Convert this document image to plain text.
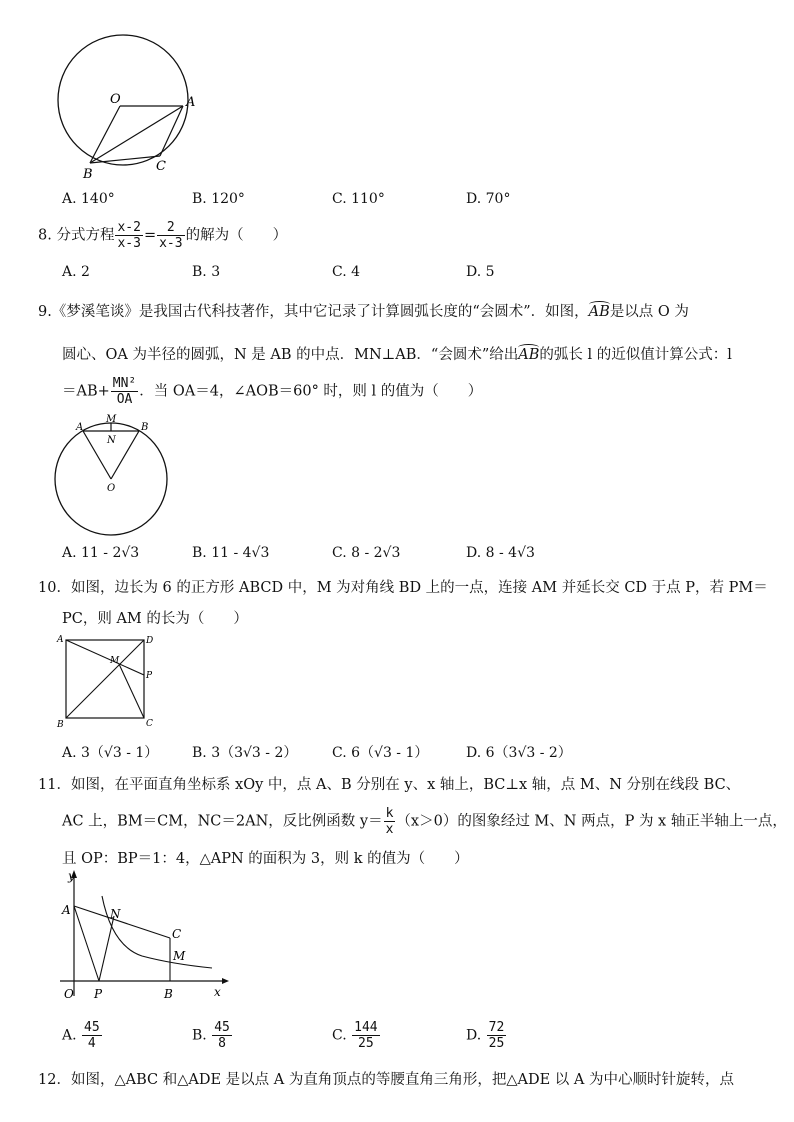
O	A
B
C
A. 140°	B. 120°	C. 110°	D. 70°
8. 分式方程 $\frac{x-2}{x-3} = \frac{2}{x-3}$ 的解为（　　）
A. 2	B. 3	C. 4	D. 5
9.《梦溪笔谈》是我国古代科技著作，其中它记录了计算圆弧长度的“会圆术”．如图，AB是以点 O 为
圆心、OA 为半径的圆弧，N 是 AB 的中点．MN⊥AB．“会圆术”给出AB的弧长 l 的近似值计算公式：l
$=AB+ \frac{\text{MN²}}{OA}$ ．当 OA＝4，∠AOB＝60° 时，则 l 的值为（　　）
A	B
M
N
O
A. 11 - 2√3	B. 11 - 4√3	C. 8 - 2√3	D. 8 - 4√3
10．如图，边长为 6 的正方形 ABCD 中，M 为对角线 BD 上的一点，连接 AM 并延长交 CD 于点 P，若 PM＝
PC，则 AM 的长为（　　）
A	D
B	C
M
P
A. 3（√3 - 1） B. 3（3√3 - 2） C. 6（√3 - 1）	D. 6（3√3 - 2）
11．如图，在平面直角坐标系 xOy 中，点 A、B 分别在 y、x 轴上，BC⊥x 轴，点 M、N 分别在线段 BC、
AC 上，BM＝CM，NC＝2AN，反比例函数 $y= \frac{k}{x} (x>0)$的图象经过 M、N 两点，P 为 x 轴正半轴上一点，
且 OP：BP＝1：4，△APN 的面积为 3，则 k 的值为（　　）
y
x
A	N
C
M
O P	B
A. $\frac{45}{4}$	B. $\frac{45}{8}$	C. $\frac{144}{25}$	D. $\frac{72}{25}$
12．如图，△ABC 和△ADE 是以点 A 为直角顶点的等腰直角三角形，把△ADE 以 A 为中心顺时针旋转，点
